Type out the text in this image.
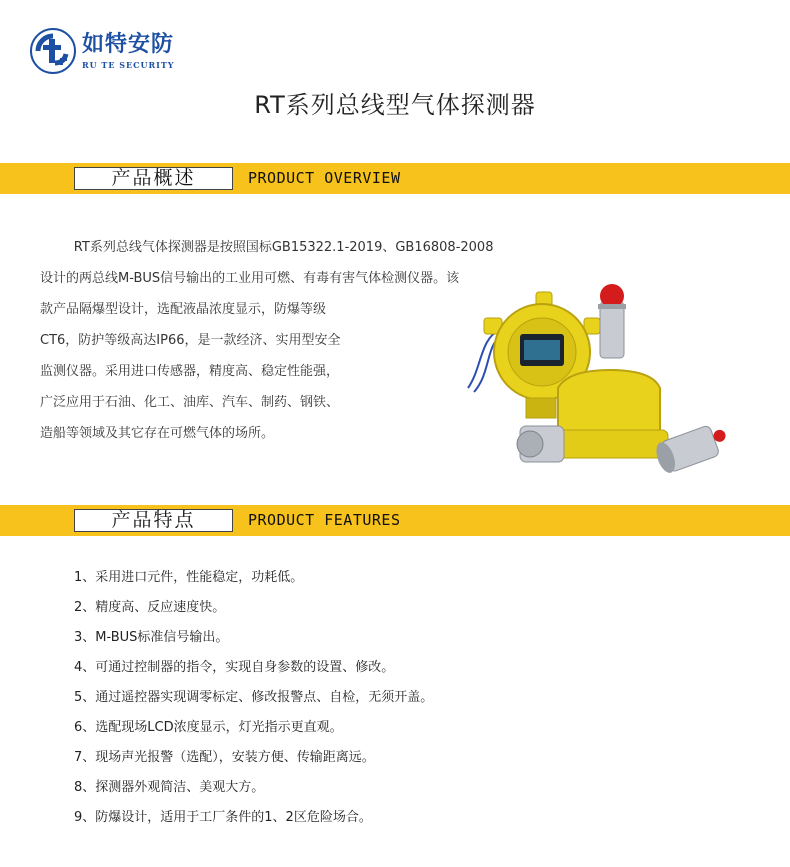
如特安防
RU TE SECURITY
RT系列总线型气体探测器
产品概述	PRODUCT OVERVIEW

RT系列总线气体探测器是按照国标GB15322.1-2019、GB16808-2008

设计的两总线M-BUS信号输出的工业用可燃、有毒有害气体检测仪器。该
款产品隔爆型设计，选配液晶浓度显示，防爆等级
CT6，防护等级高达IP66，是一款经济、实用型安全
监测仪器。采用进口传感器，精度高、稳定性能强，
广泛应用于石油、化工、油库、汽车、制药、钢铁、
造船等领域及其它存在可燃气体的场所。
产品特点	PRODUCT FEATURES
1、采用进口元件，性能稳定，功耗低。
2、精度高、反应速度快。
3、M-BUS标准信号输出。
4、可通过控制器的指令，实现自身参数的设置、修改。
5、通过遥控器实现调零标定、修改报警点、自检，无须开盖。
6、选配现场LCD浓度显示，灯光指示更直观。
7、现场声光报警（选配），安装方便、传输距离远。
8、探测器外观简洁、美观大方。
9、防爆设计，适用于工厂条件的1、2区危险场合。
